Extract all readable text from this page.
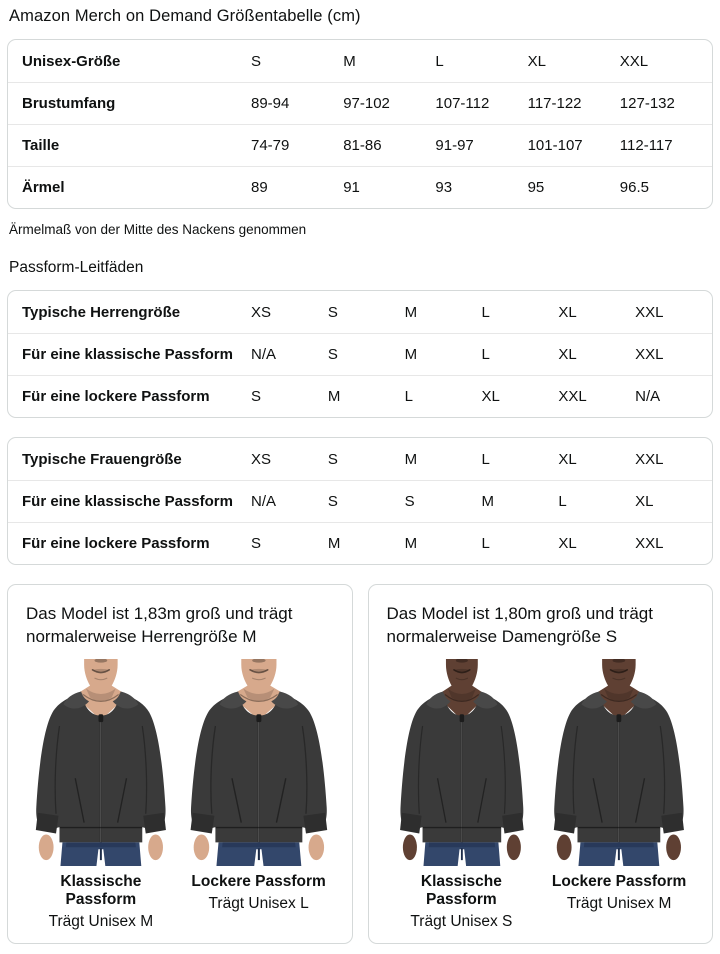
Amazon Merch on Demand Größentabelle (cm)
Unisex-Größe	S	M	L	XL	XXL
Brustumfang	89-94	97-102	107-112	117-122	127-132
Taille	74-79	81-86	91-97	101-107	112-117
Ärmel	89	91	93	95	96.5

Ärmelmaß von der Mitte des Nackens genommen

Passform-Leitfäden
Typische Herrengröße	XS	S	M	L	XL	XXL
Für eine klassische Passform	N/A	S	M	L	XL	XXL
Für eine lockere Passform	S	M	L	XL	XXL	N/A
Typische Frauengröße	XS	S	M	L	XL	XXL
Für eine klassische Passform	N/A	S	S	M	L	XL
Für eine lockere Passform	S	M	M	L	XL	XXL

Das Model ist 1,83m groß und trägt normalerweise Herrengröße M

Klassische Passform
Trägt Unisex M
Lockere Passform
Trägt Unisex L

Das Model ist 1,80m groß und trägt normalerweise Damengröße S

Klassische Passform
Trägt Unisex S
Lockere Passform
Trägt Unisex M
